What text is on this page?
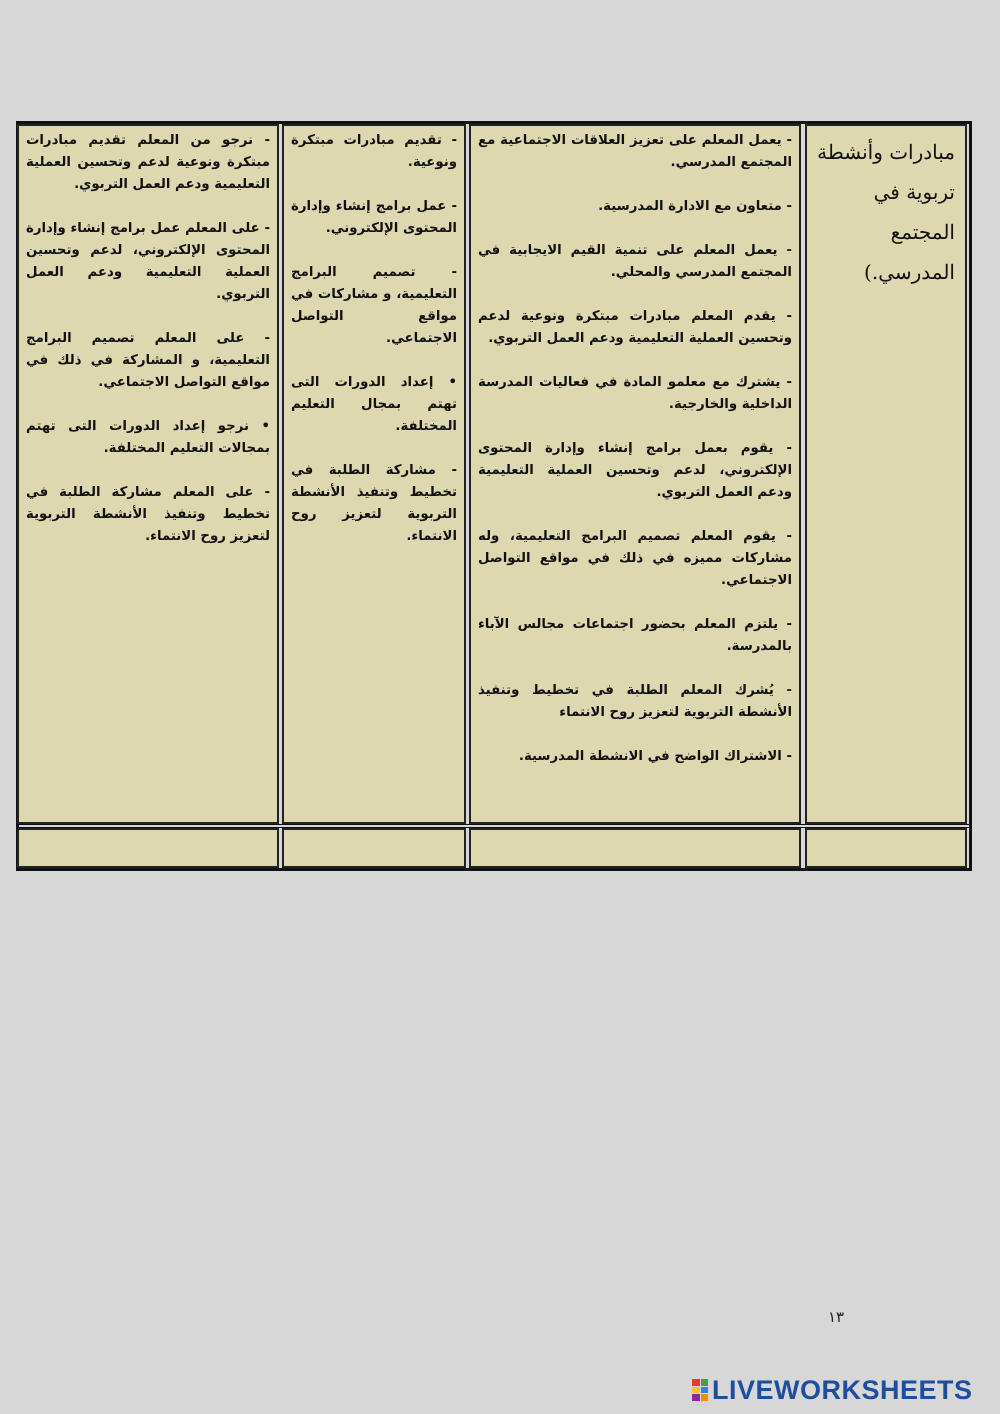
مبادرات وأنشطة تربوية في المجتمع المدرسي.)

- يعمل المعلم على تعزيز العلاقات الاجتماعية مع المجتمع المدرسي.

- متعاون مع الادارة المدرسية.

- يعمل المعلم على تنمية القيم الايجابية في المجتمع المدرسي والمحلي.

- يقدم المعلم مبادرات مبتكرة ونوعية لدعم وتحسين العملية التعليمية ودعم العمل التربوي.

- يشترك مع معلمو المادة في فعاليات المدرسة الداخلية والخارجية.

- يقوم بعمل برامج إنشاء وإدارة المحتوى الإلكتروني، لدعم وتحسين العملية التعليمية ودعم العمل التربوي.

- يقوم المعلم تصميم البرامج التعليمية، وله مشاركات مميزه في ذلك في مواقع التواصل الاجتماعي.

- يلتزم المعلم بحضور اجتماعات مجالس الآباء بالمدرسة.

- يُشرك المعلم الطلبة في تخطيط وتنفيذ الأنشطة التربوية لتعزيز روح الانتماء

- الاشتراك الواضح في الانشطة المدرسية.

- تقديم مبادرات مبتكرة ونوعية.

- عمل برامج إنشاء وإدارة المحتوى الإلكتروني.

- تصميم البرامج التعليمية، و مشاركات في مواقع التواصل الاجتماعي.

• إعداد الدورات التى تهتم بمجال التعليم المختلفة.

- مشاركة الطلبة في تخطيط وتنفيذ الأنشطة التربوية لتعزيز روح الانتماء.

- نرجو من المعلم تقديم مبادرات مبتكرة ونوعية لدعم وتحسين العملية التعليمية ودعم العمل التربوي.

- على المعلم عمل برامج إنشاء وإدارة المحتوى الإلكتروني، لدعم وتحسين العملية التعليمية ودعم العمل التربوي.

- على المعلم تصميم البرامج التعليمية، و المشاركة في ذلك في مواقع التواصل الاجتماعي.

• نرجو إعداد الدورات التى تهتم بمجالات التعليم المختلفة.

- على المعلم مشاركة الطلبة في تخطيط وتنفيذ الأنشطة التربوية لتعزيز روح الانتماء.

١٣
LIVEWORKSHEETS
